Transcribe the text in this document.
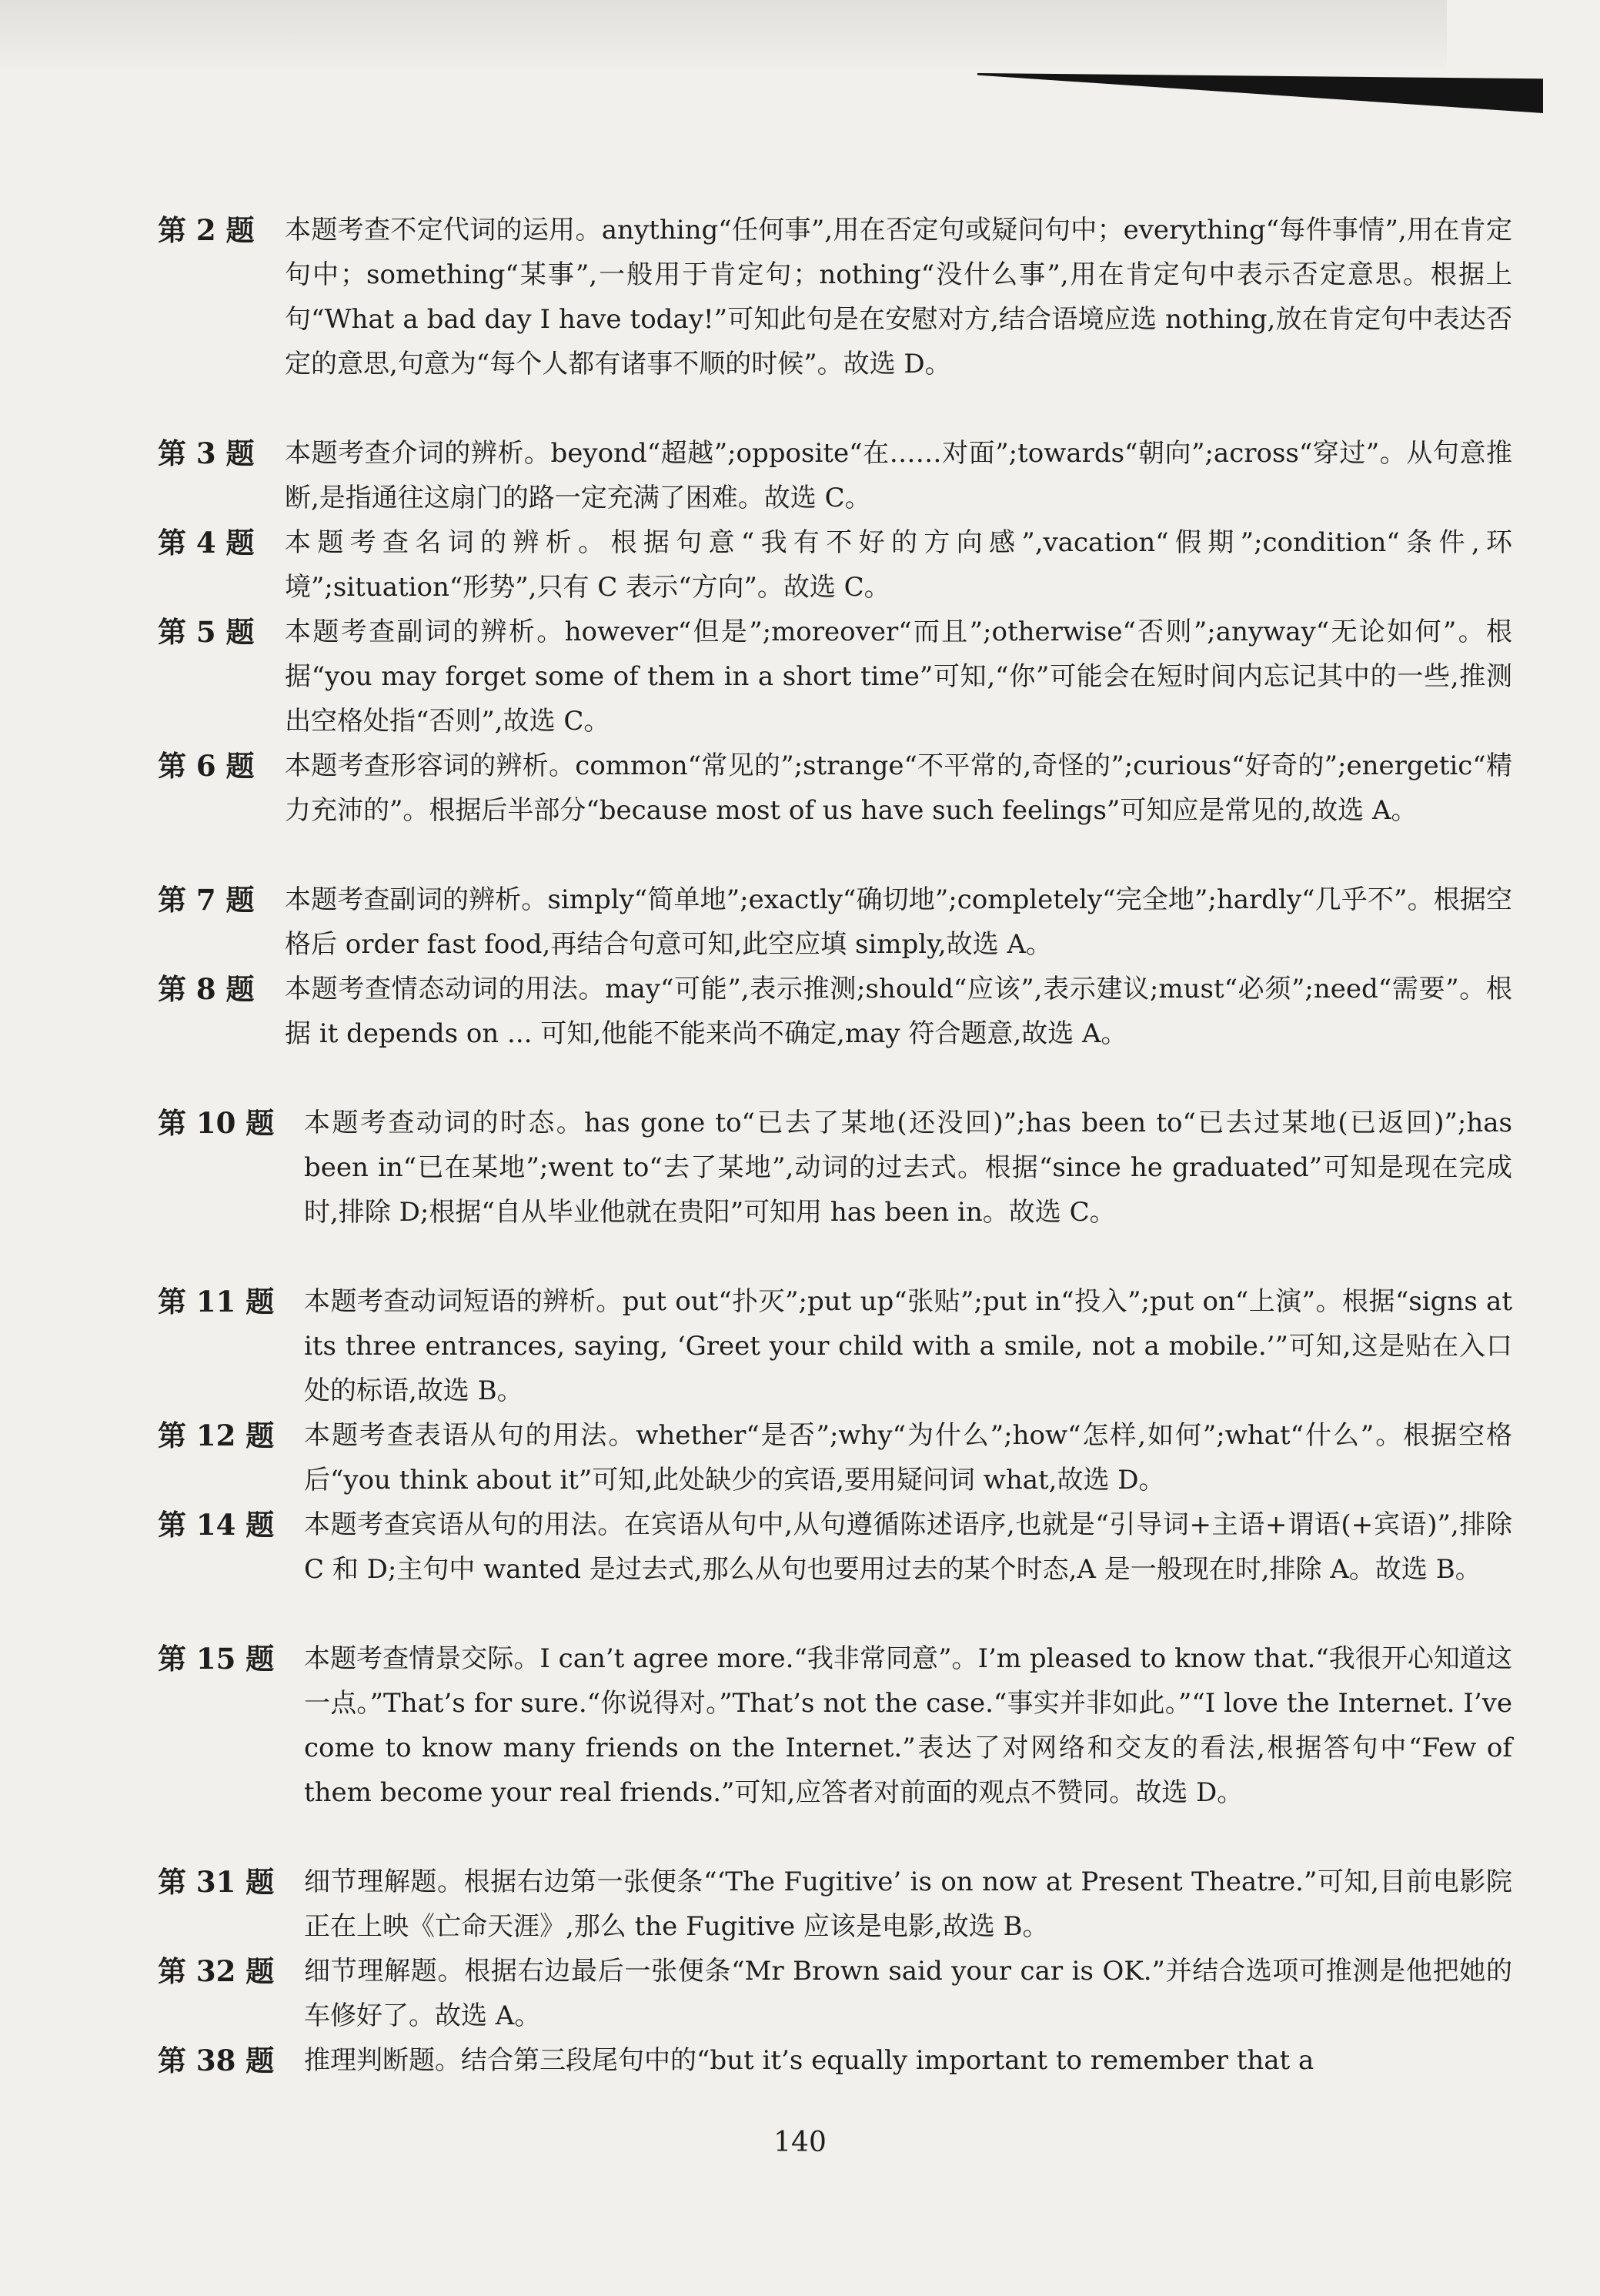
第 2 题 本题考查不定代词的运用。anything“任何事”,用在否定句或疑问句中；everything“每件事情”,用在肯定句中；something“某事”,一般用于肯定句；nothing“没什么事”,用在肯定句中表示否定意思。根据上句“What a bad day I have today!”可知此句是在安慰对方,结合语境应选 nothing,放在肯定句中表达否定的意思,句意为“每个人都有诸事不顺的时候”。故选 D。
第 3 题 本题考查介词的辨析。beyond“超越”;opposite“在……对面”;towards“朝向”;across“穿过”。从句意推断,是指通往这扇门的路一定充满了困难。故选 C。
第 4 题 本题考查名词的辨析。根据句意“我有不好的方向感”,vacation“假期”;condition“条件,环境”;situation“形势”,只有 C 表示“方向”。故选 C。
第 5 题 本题考查副词的辨析。however“但是”;moreover“而且”;otherwise“否则”;anyway“无论如何”。根据“you may forget some of them in a short time”可知,“你”可能会在短时间内忘记其中的一些,推测出空格处指“否则”,故选 C。
第 6 题 本题考查形容词的辨析。common“常见的”;strange“不平常的,奇怪的”;curious“好奇的”;energetic“精力充沛的”。根据后半部分“because most of us have such feelings”可知应是常见的,故选 A。
第 7 题 本题考查副词的辨析。simply“简单地”;exactly“确切地”;completely“完全地”;hardly“几乎不”。根据空格后 order fast food,再结合句意可知,此空应填 simply,故选 A。
第 8 题 本题考查情态动词的用法。may“可能”,表示推测;should“应该”,表示建议;must“必须”;need“需要”。根据 it depends on ... 可知,他能不能来尚不确定,may 符合题意,故选 A。
第 10 题 本题考查动词的时态。has gone to“已去了某地(还没回)”;has been to“已去过某地(已返回)”;has been in“已在某地”;went to“去了某地”,动词的过去式。根据“since he graduated”可知是现在完成时,排除 D;根据“自从毕业他就在贵阳”可知用 has been in。故选 C。
第 11 题 本题考查动词短语的辨析。put out“扑灭”;put up“张贴”;put in“投入”;put on“上演”。根据“signs at its three entrances, saying, ‘Greet your child with a smile, not a mobile.’”可知,这是贴在入口处的标语,故选 B。
第 12 题 本题考查表语从句的用法。whether“是否”;why“为什么”;how“怎样,如何”;what“什么”。根据空格后“you think about it”可知,此处缺少的宾语,要用疑问词 what,故选 D。
第 14 题 本题考查宾语从句的用法。在宾语从句中,从句遵循陈述语序,也就是“引导词+主语+谓语(+宾语)”,排除 C 和 D;主句中 wanted 是过去式,那么从句也要用过去的某个时态,A 是一般现在时,排除 A。故选 B。
第 15 题 本题考查情景交际。I can’t agree more.“我非常同意”。I’m pleased to know that.“我很开心知道这一点。”That’s for sure.“你说得对。”That’s not the case.“事实并非如此。”“I love the Internet. I’ve come to know many friends on the Internet.”表达了对网络和交友的看法,根据答句中“Few of them become your real friends.”可知,应答者对前面的观点不赞同。故选 D。
第 31 题 细节理解题。根据右边第一张便条“‘The Fugitive’ is on now at Present Theatre.”可知,目前电影院正在上映《亡命天涯》,那么 the Fugitive 应该是电影,故选 B。
第 32 题 细节理解题。根据右边最后一张便条“Mr Brown said your car is OK.”并结合选项可推测是他把她的车修好了。故选 A。
第 38 题 推理判断题。结合第三段尾句中的“but it’s equally important to remember that a
140
